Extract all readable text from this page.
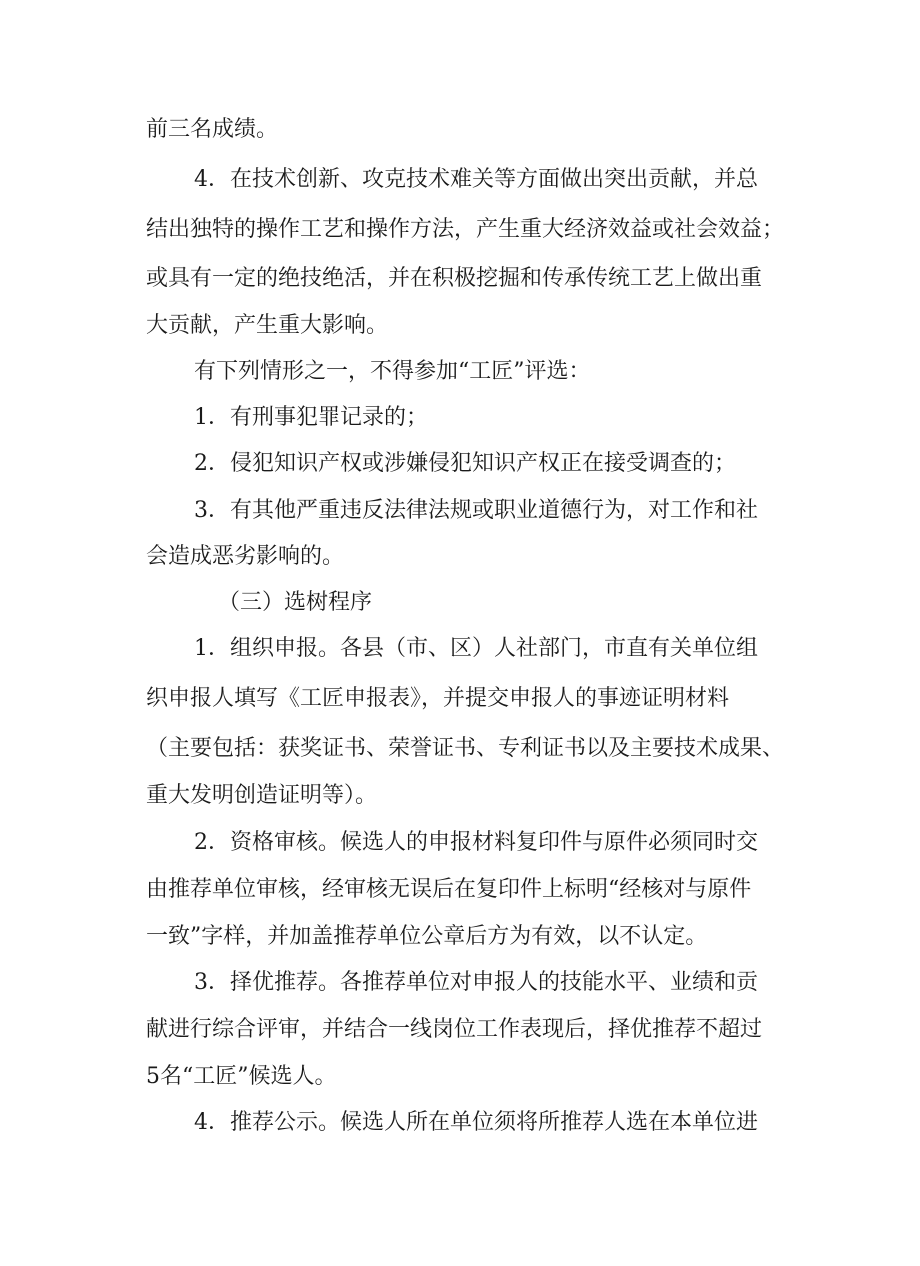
前三名成绩。
4．在技术创新、攻克技术难关等方面做出突出贡献，并总
结出独特的操作工艺和操作方法，产生重大经济效益或社会效益；
或具有一定的绝技绝活，并在积极挖掘和传承传统工艺上做出重
大贡献，产生重大影响。
有下列情形之一，不得参加“工匠”评选：
1．有刑事犯罪记录的；
2．侵犯知识产权或涉嫌侵犯知识产权正在接受调查的；
3．有其他严重违反法律法规或职业道德行为，对工作和社
会造成恶劣影响的。
（三）选树程序
1．组织申报。各县（市、区）人社部门，市直有关单位组
织申报人填写《工匠申报表》，并提交申报人的事迹证明材料
（主要包括：获奖证书、荣誉证书、专利证书以及主要技术成果、
重大发明创造证明等）。
2．资格审核。候选人的申报材料复印件与原件必须同时交
由推荐单位审核，经审核无误后在复印件上标明“经核对与原件
一致”字样，并加盖推荐单位公章后方为有效，以不认定。
3．择优推荐。各推荐单位对申报人的技能水平、业绩和贡
献进行综合评审，并结合一线岗位工作表现后，择优推荐不超过
5名“工匠”候选人。
4．推荐公示。候选人所在单位须将所推荐人选在本单位进
